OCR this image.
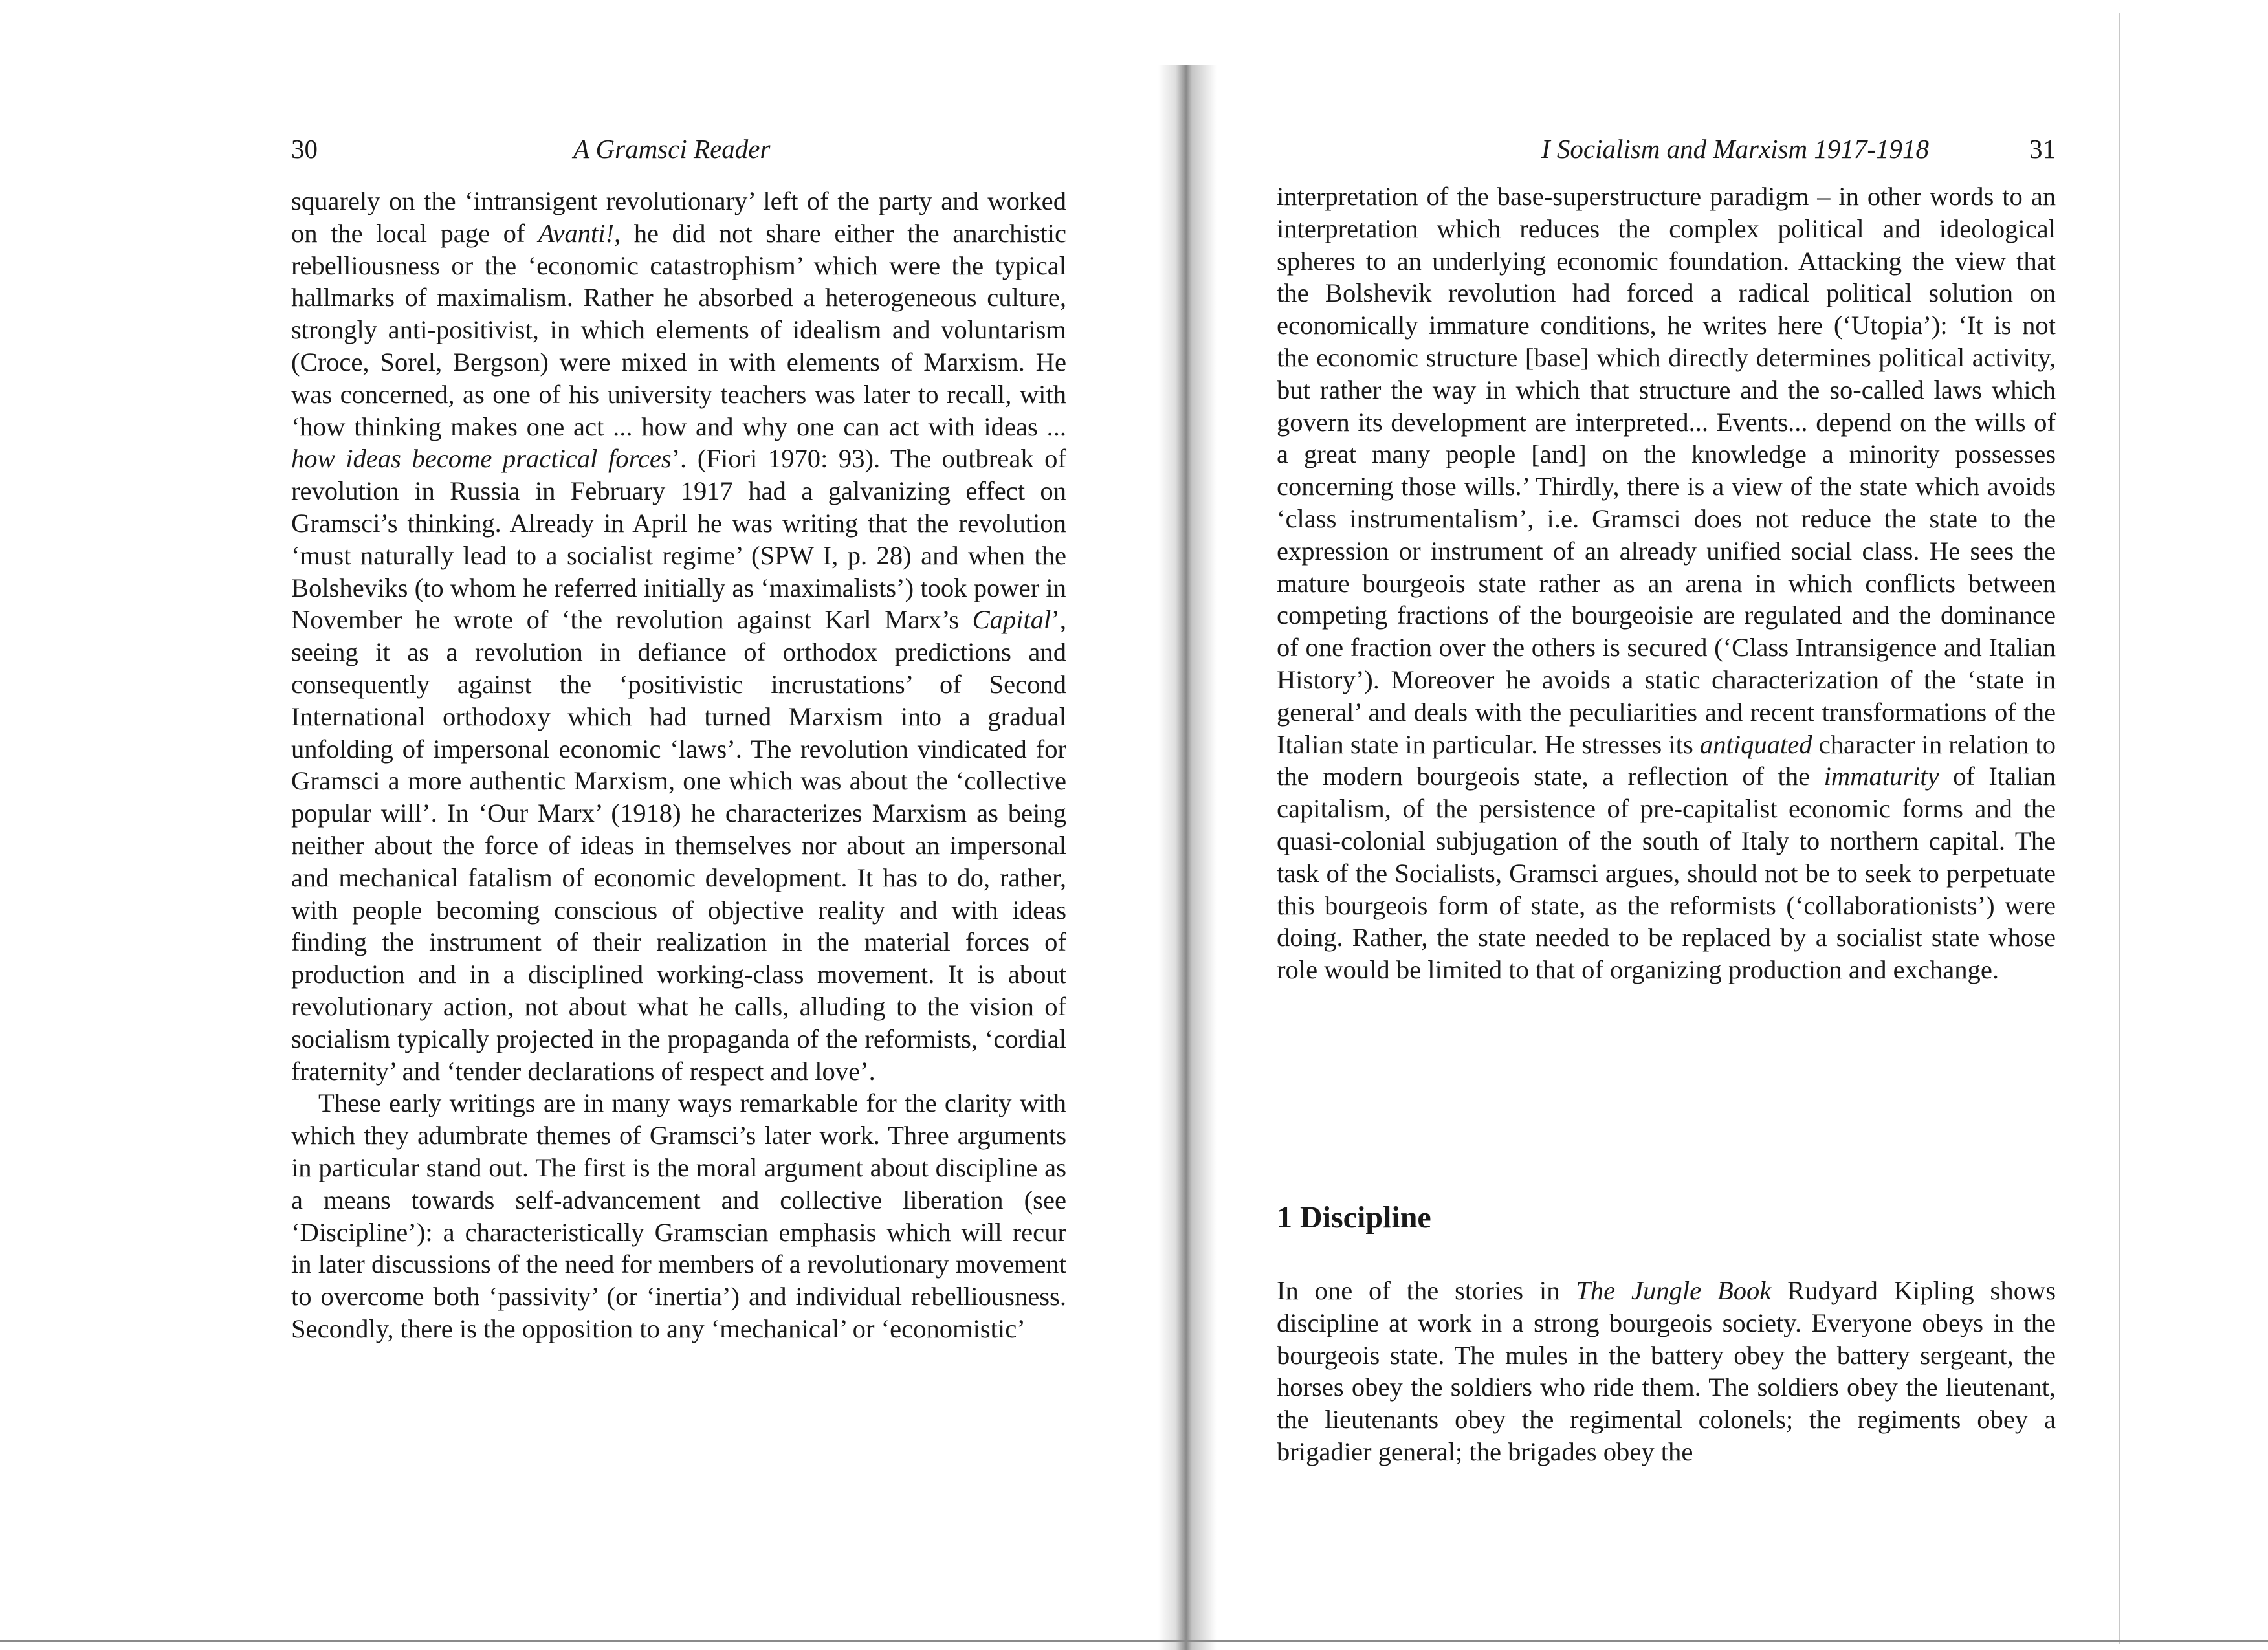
30	A Gramsci Reader

squarely on the ‘intransigent revolutionary’ left of the party and worked on the local page of Avanti!, he did not share either the anarchistic rebelliousness or the ‘economic catastrophism’ which were the typical hallmarks of maximalism. Rather he absorbed a heterogeneous culture, strongly anti-positivist, in which elements of idealism and voluntarism (Croce, Sorel, Bergson) were mixed in with elements of Marxism. He was concerned, as one of his university teachers was later to recall, with ‘how thinking makes one act ... how and why one can act with ideas ... how ideas become practical forces’. (Fiori 1970: 93). The outbreak of revolution in Russia in February 1917 had a galvanizing effect on Gramsci’s thinking. Already in April he was writing that the revolution ‘must naturally lead to a socialist regime’ (SPW I, p. 28) and when the Bolsheviks (to whom he referred initially as ‘maximalists’) took power in November he wrote of ‘the revolution against Karl Marx’s Capital’, seeing it as a revolution in defiance of orthodox predictions and consequently against the ‘positivistic incrustations’ of Second International orthodoxy which had turned Marxism into a gradual unfolding of impersonal economic ‘laws’. The revolution vindicated for Gramsci a more authentic Marxism, one which was about the ‘collective popular will’. In ‘Our Marx’ (1918) he characterizes Marxism as being neither about the force of ideas in themselves nor about an impersonal and mechanical fatalism of economic development. It has to do, rather, with people becoming conscious of objective reality and with ideas finding the instrument of their realization in the material forces of production and in a disciplined working-class movement. It is about revolutionary action, not about what he calls, alluding to the vision of socialism typically projected in the propaganda of the reformists, ‘cordial fraternity’ and ‘tender declarations of respect and love’.

These early writings are in many ways remarkable for the clarity with which they adumbrate themes of Gramsci’s later work. Three arguments in particular stand out. The first is the moral argument about discipline as a means towards self-advancement and collective liberation (see ‘Discipline’): a characteristically Gramscian emphasis which will recur in later discussions of the need for members of a revolutionary movement to overcome both ‘passivity’ (or ‘inertia’) and individual rebelliousness. Secondly, there is the opposition to any ‘mechanical’ or ‘economistic’

I Socialism and Marxism 1917-1918	31

interpretation of the base-superstructure paradigm – in other words to an interpretation which reduces the complex political and ideological spheres to an underlying economic foundation. Attacking the view that the Bolshevik revolution had forced a radical political solution on economically immature conditions, he writes here (‘Utopia’): ‘It is not the economic structure [base] which directly determines political activity, but rather the way in which that structure and the so-called laws which govern its development are interpreted... Events... depend on the wills of a great many people [and] on the knowledge a minority possesses concerning those wills.’ Thirdly, there is a view of the state which avoids ‘class instrumentalism’, i.e. Gramsci does not reduce the state to the expression or instrument of an already unified social class. He sees the mature bourgeois state rather as an arena in which conflicts between competing fractions of the bourgeoisie are regulated and the dominance of one fraction over the others is secured (‘Class Intransigence and Italian History’). Moreover he avoids a static characterization of the ‘state in general’ and deals with the peculiarities and recent transformations of the Italian state in particular. He stresses its antiquated character in relation to the modern bourgeois state, a reflection of the immaturity of Italian capitalism, of the persistence of pre-capitalist economic forms and the quasi-colonial subjugation of the south of Italy to northern capital. The task of the Socialists, Gramsci argues, should not be to seek to perpetuate this bourgeois form of state, as the reformists (‘collaborationists’) were doing. Rather, the state needed to be replaced by a socialist state whose role would be limited to that of organizing production and exchange.

1 Discipline

In one of the stories in The Jungle Book Rudyard Kipling shows discipline at work in a strong bourgeois society. Everyone obeys in the bourgeois state. The mules in the battery obey the battery sergeant, the horses obey the soldiers who ride them. The soldiers obey the lieutenant, the lieutenants obey the regimental colonels; the regiments obey a brigadier general; the brigades obey the
